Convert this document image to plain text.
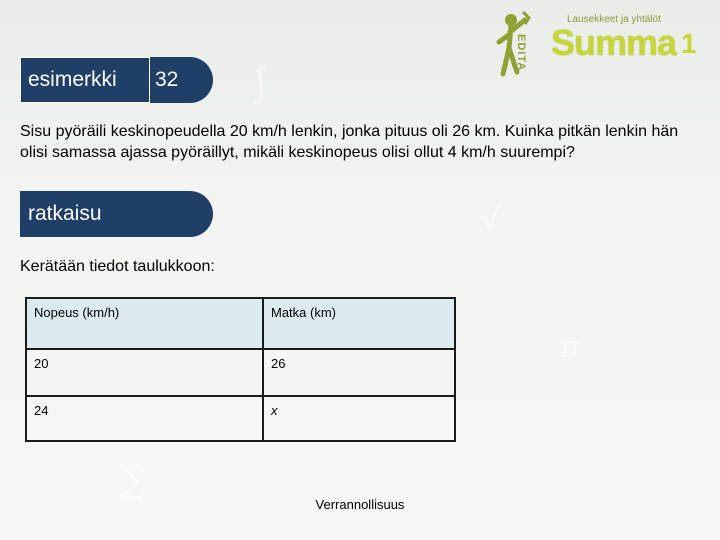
∫
√
π
∑
EDITA
Lausekkeet ja yhtälöt
Summa 1
esimerkki 32
Sisu pyöräili keskinopeudella 20 km/h lenkin, jonka pituus oli 26 km. Kuinka pitkän lenkin hän olisi samassa ajassa pyöräillyt, mikäli keskinopeus olisi ollut 4 km/h suurempi?
ratkaisu
Kerätään tiedot taulukkoon:
Nopeus (km/h)	Matka (km)
20	26
24	x
Verrannollisuus
